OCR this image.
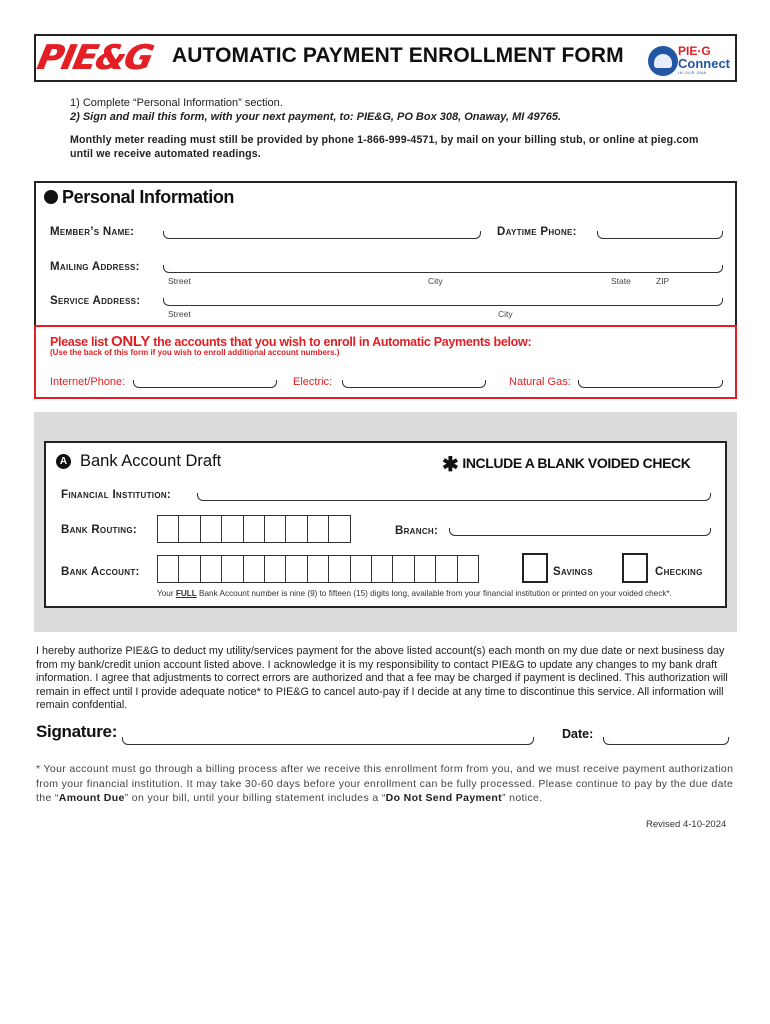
PIE&G AUTOMATIC PAYMENT ENROLLMENT FORM	PIE·G
Connect
IN OUR DNA
1) Complete “Personal Information” section.
2) Sign and mail this form, with your next payment, to: PIE&G, PO Box 308, Onaway, MI 49765.
Monthly meter reading must still be provided by phone 1-866-999-4571, by mail on your billing stub, or online at pieg.com
until we receive automated readings.
Personal Information
Member’s Name:	Daytime Phone:
Mailing Address:
Street	City	State	ZIP
Service Address:
Street	City
Please list ONLY the accounts that you wish to enroll in Automatic Payments below:
(Use the back of this form if you wish to enroll additional account numbers.)
Internet/Phone:	Electric:	Natural Gas:
A Bank Account Draft	✱ INCLUDE A BLANK VOIDED CHECK
Financial Institution:
Bank Routing:	Branch:
Bank Account:	Savings	Checking
Your FULL Bank Account number is nine (9) to fifteen (15) digits long, available from your financial institution or printed on your voided check*.
I hereby authorize PIE&G to deduct my utility/services payment for the above listed account(s) each month on my due date or next business day from my bank/credit union account listed above. I acknowledge it is my responsibility to contact PIE&G to update any changes to my bank draft information. I agree that adjustments to correct errors are authorized and that a fee may be charged if payment is declined. This authorization will remain in effect until I provide adequate notice* to PIE&G to cancel auto-pay if I decide at any time to discontinue this service. All information will remain confdential.
Signature:	Date:
* Your account must go through a billing process after we receive this enrollment form from you, and we must receive payment authorization from your financial institution. It may take 30-60 days before your enrollment can be fully processed. Please continue to pay by the due date the “Amount Due” on your bill, until your billing statement includes a “Do Not Send Payment” notice.
Revised 4-10-2024
